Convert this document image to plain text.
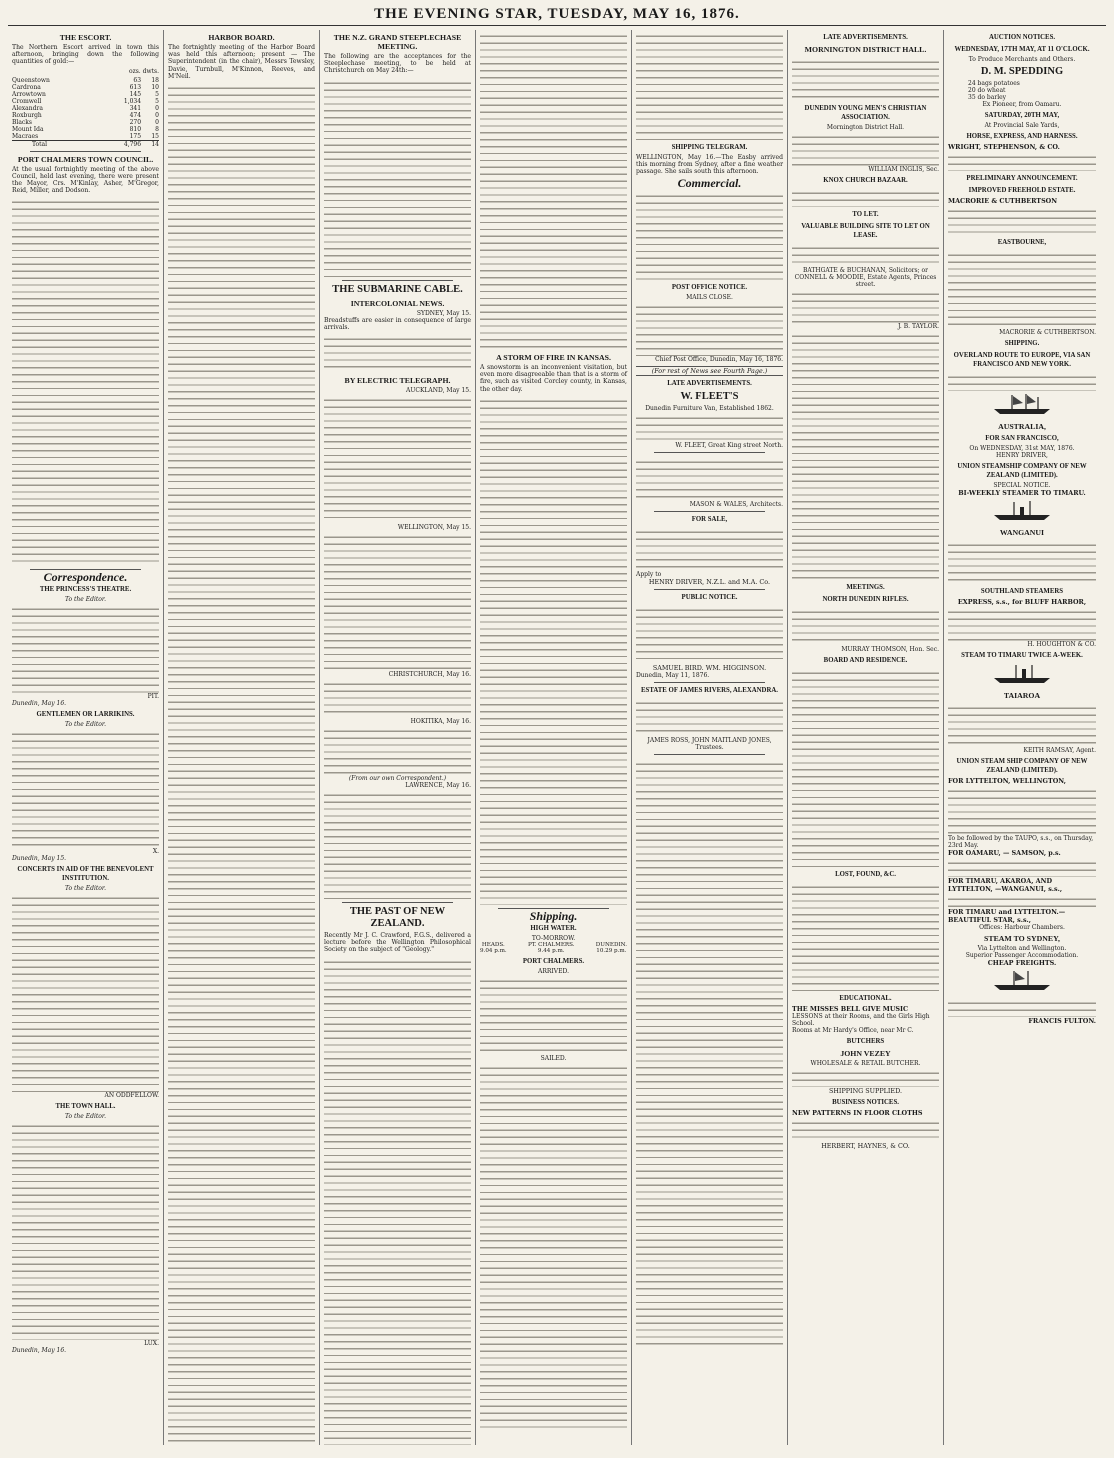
THE EVENING STAR, TUESDAY, MAY 16, 1876.
THE ESCORT.

The Northern Escort arrived in town this afternoon, bringing down the following quantities of gold:—

ozs. dwts.
Queenstown	63	18
Cardrona	613	10
Arrowtown	145	5
Cromwell	1,034	5
Alexandra	341	0
Roxburgh	474	0
Blacks	270	0
Mount Ida	810	8
Macraes	175	15
Total	4,796	14
PORT CHALMERS TOWN COUNCIL.

At the usual fortnightly meeting of the above Council, held last evening, there were present the Mayor, Crs. M'Kinlay, Asher, M'Gregor, Reid, Miller, and Dodson.

Correspondence.
THE PRINCESS'S THEATRE.
To the Editor.
PIT.
Dunedin, May 16.
GENTLEMEN OR LARRIKINS.
To the Editor.
X.
Dunedin, May 15.
CONCERTS IN AID OF THE BENEVOLENT INSTITUTION.
To the Editor.
AN ODDFELLOW.
THE TOWN HALL.
To the Editor.
LUX.
Dunedin, May 16.
HARBOR BOARD.

The fortnightly meeting of the Harbor Board was held this afternoon; present — The Superintendent (in the chair), Messrs Tewsley, Davie, Turnbull, M'Kinnon, Reeves, and M'Neil.

THE N.Z. GRAND STEEPLECHASE MEETING.

The following are the acceptances for the Steeplechase meeting, to be held at Christchurch on May 24th:—

THE SUBMARINE CABLE.
INTERCOLONIAL NEWS.
SYDNEY, May 15.

Breadstuffs are easier in consequence of large arrivals.

BY ELECTRIC TELEGRAPH.
AUCKLAND, May 15.
WELLINGTON, May 15.
CHRISTCHURCH, May 16.
HOKITIKA, May 16.
(From our own Correspondent.)
LAWRENCE, May 16.
THE PAST OF NEW ZEALAND.

Recently Mr J. C. Crawford, F.G.S., delivered a lecture before the Wellington Philosophical Society on the subject of "Geology."

A STORM OF FIRE IN KANSAS.

A snowstorm is an inconvenient visitation, but even more disagreeable than that is a storm of fire, such as visited Corcley county, in Kansas, the other day.

Shipping.
HIGH WATER.
TO-MORROW.
HEADS.
9.04 p.m.
PT. CHALMERS.
9.44 p.m.
DUNEDIN.
10.29 p.m.
PORT CHALMERS.
ARRIVED.
SAILED.
SHIPPING TELEGRAM.

WELLINGTON, May 16.—The Easby arrived this morning from Sydney, after a fine weather passage. She sails south this afternoon.

Commercial.
POST OFFICE NOTICE.
MAILS CLOSE.
Chief Post Office, Dunedin, May 16, 1876.
(For rest of News see Fourth Page.)
LATE ADVERTISEMENTS.
W. FLEET'S
Dunedin Furniture Van, Established 1862.
W. FLEET, Great King street North.
MASON & WALES, Architects.
FOR SALE,
Apply to
HENRY DRIVER, N.Z.L. and M.A. Co.
PUBLIC NOTICE.
SAMUEL BIRD. WM. HIGGINSON.
Dunedin, May 11, 1876.
ESTATE OF JAMES RIVERS, ALEXANDRA.
JAMES ROSS, JOHN MAITLAND JONES, Trustees.
LATE ADVERTISEMENTS.
MORNINGTON DISTRICT HALL.
DUNEDIN YOUNG MEN'S CHRISTIAN ASSOCIATION.
Mornington District Hall.
WILLIAM INGLIS, Sec.
KNOX CHURCH BAZAAR.
TO LET.
VALUABLE BUILDING SITE TO LET ON LEASE.
BATHGATE & BUCHANAN, Solicitors; or CONNELL & MOODIE, Estate Agents, Princes street.
J. B. TAYLOR.
MEETINGS.
NORTH DUNEDIN RIFLES.
MURRAY THOMSON, Hon. Sec.
BOARD AND RESIDENCE.
LOST, FOUND, &C.
EDUCATIONAL.
THE MISSES BELL GIVE MUSIC
LESSONS at their Rooms, and the Girls High School.
Rooms at Mr Hardy's Office, near Mr C.
BUTCHERS
JOHN VEZEY
WHOLESALE & RETAIL BUTCHER.
SHIPPING SUPPLIED.
BUSINESS NOTICES.
NEW PATTERNS IN FLOOR CLOTHS
HERBERT, HAYNES, & CO.
AUCTION NOTICES.
WEDNESDAY, 17TH MAY, AT 11 O'CLOCK.
To Produce Merchants and Others.
D. M. SPEDDING
24 bags potatoes
20 do wheat
35 do barley
Ex Pioneer, from Oamaru.
SATURDAY, 20TH MAY,
At Provincial Sale Yards,
HORSE, EXPRESS, AND HARNESS.
WRIGHT, STEPHENSON, & CO.
PRELIMINARY ANNOUNCEMENT.
IMPROVED FREEHOLD ESTATE.
MACRORIE & CUTHBERTSON
EASTBOURNE,
MACRORIE & CUTHBERTSON.
SHIPPING.
OVERLAND ROUTE TO EUROPE, VIA SAN FRANCISCO AND NEW YORK.
AUSTRALIA,
FOR SAN FRANCISCO,
On WEDNESDAY, 31st MAY, 1876.
HENRY DRIVER,
UNION STEAMSHIP COMPANY OF NEW ZEALAND (LIMITED).
SPECIAL NOTICE.
BI-WEEKLY STEAMER TO TIMARU.
WANGANUI
SOUTHLAND STEAMERS
EXPRESS, s.s., for BLUFF HARBOR,
H. HOUGHTON & CO.
STEAM TO TIMARU TWICE A-WEEK.
TAIAROA
KEITH RAMSAY, Agent.
UNION STEAM SHIP COMPANY OF NEW ZEALAND (LIMITED).
FOR LYTTELTON, WELLINGTON,
To be followed by the TAUPO, s.s., on Thursday, 23rd May.
FOR OAMARU, — SAMSON, p.s.
FOR TIMARU, AKAROA, AND LYTTELTON, —WANGANUI, s.s.,
FOR TIMARU and LYTTELTON.— BEAUTIFUL STAR, s.s.,
Offices: Harbour Chambers.
STEAM TO SYDNEY,
Via Lyttelton and Wellington.
Superior Passenger Accommodation.
CHEAP FREIGHTS.
FRANCIS FULTON.
